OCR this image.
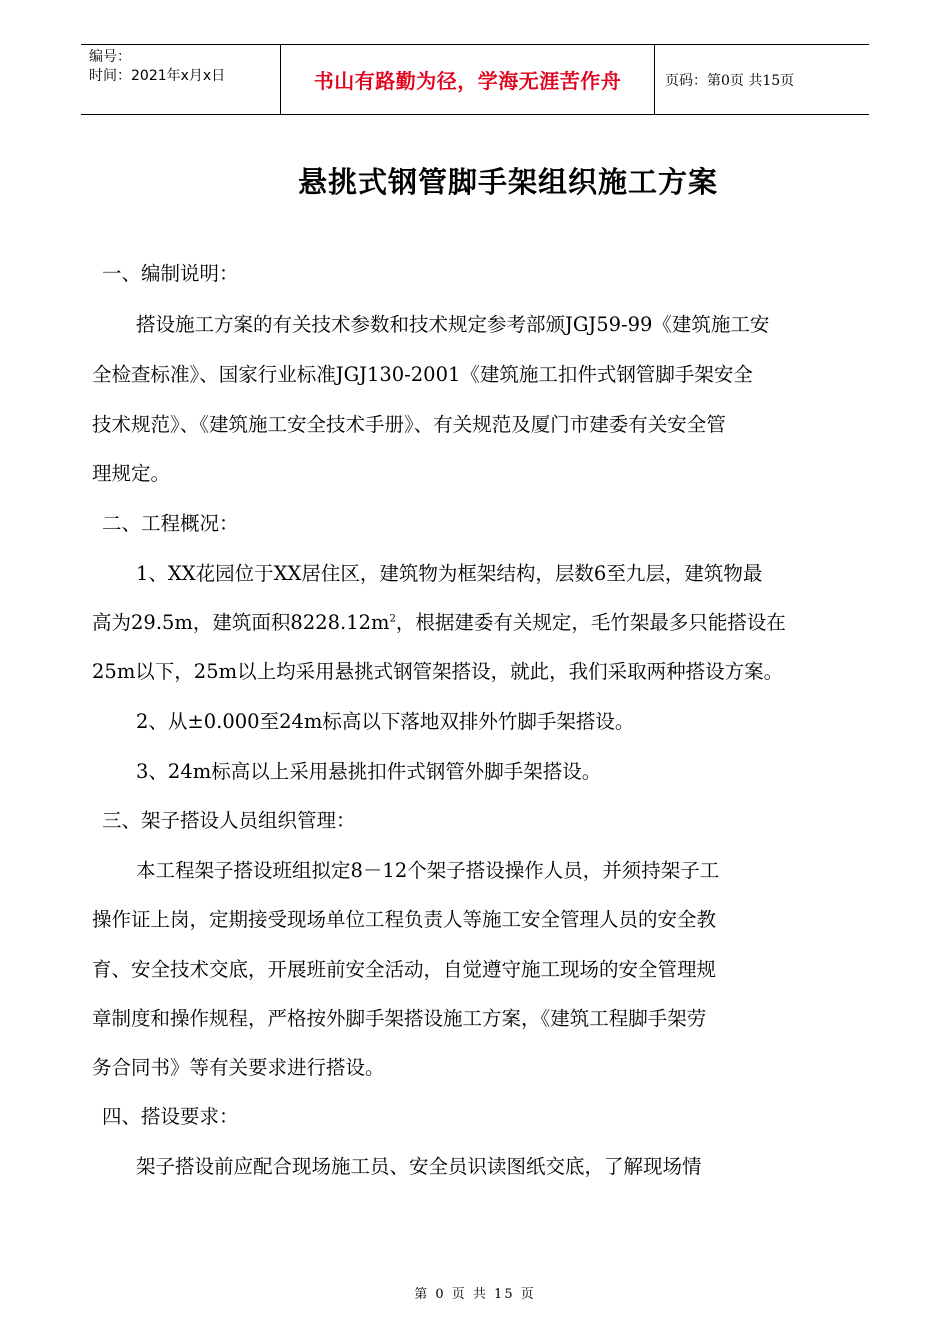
编号：
时间：2021年x月x日	书山有路勤为径，学海无涯苦作舟	页码：第0页 共15页
悬挑式钢管脚手架组织施工方案
一、编制说明：
搭设施工方案的有关技术参数和技术规定参考部颁JGJ59-99《建筑施工安
全检查标准》、国家行业标准JGJ130-2001《建筑施工扣件式钢管脚手架安全
技术规范》、《建筑施工安全技术手册》、有关规范及厦门市建委有关安全管
理规定。
二、工程概况：
1、XX花园位于XX居住区，建筑物为框架结构，层数6至九层，建筑物最
高为29.5m，建筑面积$8228.12m^2$，根据建委有关规定，毛竹架最多只能搭设在
25m以下，25m以上均采用悬挑式钢管架搭设，就此，我们采取两种搭设方案。
2、从±0.000至24m标高以下落地双排外竹脚手架搭设。
3、24m标高以上采用悬挑扣件式钢管外脚手架搭设。
三、架子搭设人员组织管理：
本工程架子搭设班组拟定8－12个架子搭设操作人员，并须持架子工
操作证上岗，定期接受现场单位工程负责人等施工安全管理人员的安全教
育、安全技术交底，开展班前安全活动，自觉遵守施工现场的安全管理规
章制度和操作规程，严格按外脚手架搭设施工方案，《建筑工程脚手架劳
务合同书》等有关要求进行搭设。
四、搭设要求：
架子搭设前应配合现场施工员、安全员识读图纸交底，了解现场情
第 0 页 共 15 页
